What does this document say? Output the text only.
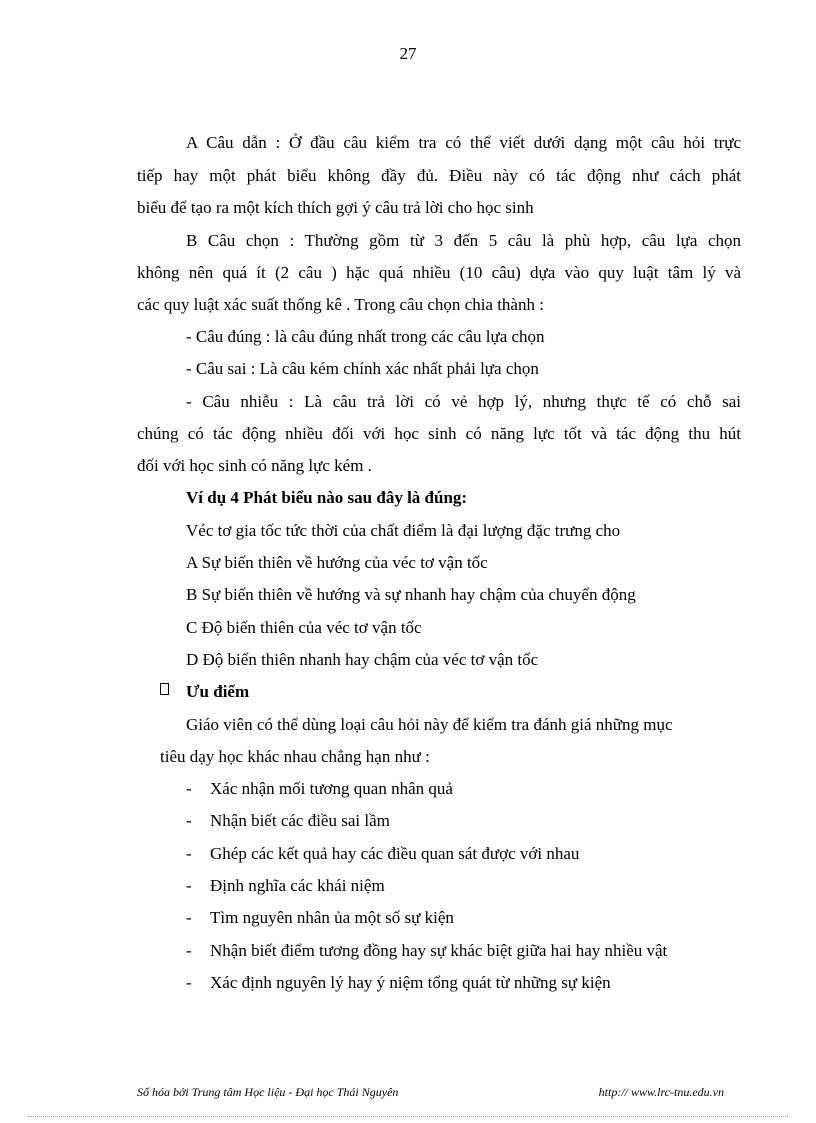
27
A Câu dẫn : Ở đầu câu kiểm tra có thể viết dưới dạng một câu hỏi trực
tiếp hay một phát biểu không đầy đủ. Điều này có tác động như cách phát
biểu để tạo ra một kích thích gợi ý câu trả lời cho học sinh
B Câu chọn : Thường gồm từ 3 đến 5 câu là phù hợp, câu lựa chọn
không nên quá ít (2 câu ) hặc quá nhiều (10 câu) dựa vào quy luật tâm lý và
các quy luật xác suất thống kê . Trong câu chọn chia thành :
- Câu đúng : là câu đúng nhất trong các câu lựa chọn
- Câu sai : Là câu kém chính xác nhất phải lựa chọn
- Câu nhiễu : Là câu trả lời có vẻ hợp lý, nhưng thực tế có chỗ sai
chúng có tác động nhiều đối với học sinh có năng lực tốt và tác động thu hút
đối với học sinh có năng lực kém .
Ví dụ 4 Phát biểu nào sau đây là đúng:
Véc tơ gia tốc tức thời của chất điểm là đại lượng đặc trưng cho
A Sự biến thiên về hướng của véc tơ vận tốc
B Sự biến thiên về hướng và sự nhanh hay chậm của chuyển động
C Độ biến thiên của véc tơ vận tốc
D Độ biến thiên nhanh hay chậm của véc tơ vận tốc
Ưu điểm
Giáo viên có thể dùng loại câu hỏi này để kiểm tra đánh giá những mục
tiêu dạy học khác nhau chẳng hạn như :
- Xác nhận mối tương quan nhân quả
- Nhận biết các điều sai lầm
- Ghép các kết quả hay các điều quan sát được với nhau
- Định nghĩa các khái niệm
- Tìm nguyên nhân ủa một số sự kiện
- Nhận biết điểm tương đồng hay sự khác biệt giữa hai hay nhiều vật
- Xác định nguyên lý hay ý niệm tổng quát từ những sự kiện
Số hóa bởi Trung tâm Học liệu - Đại học Thái Nguyên	http:// www.lrc-tnu.edu.vn
